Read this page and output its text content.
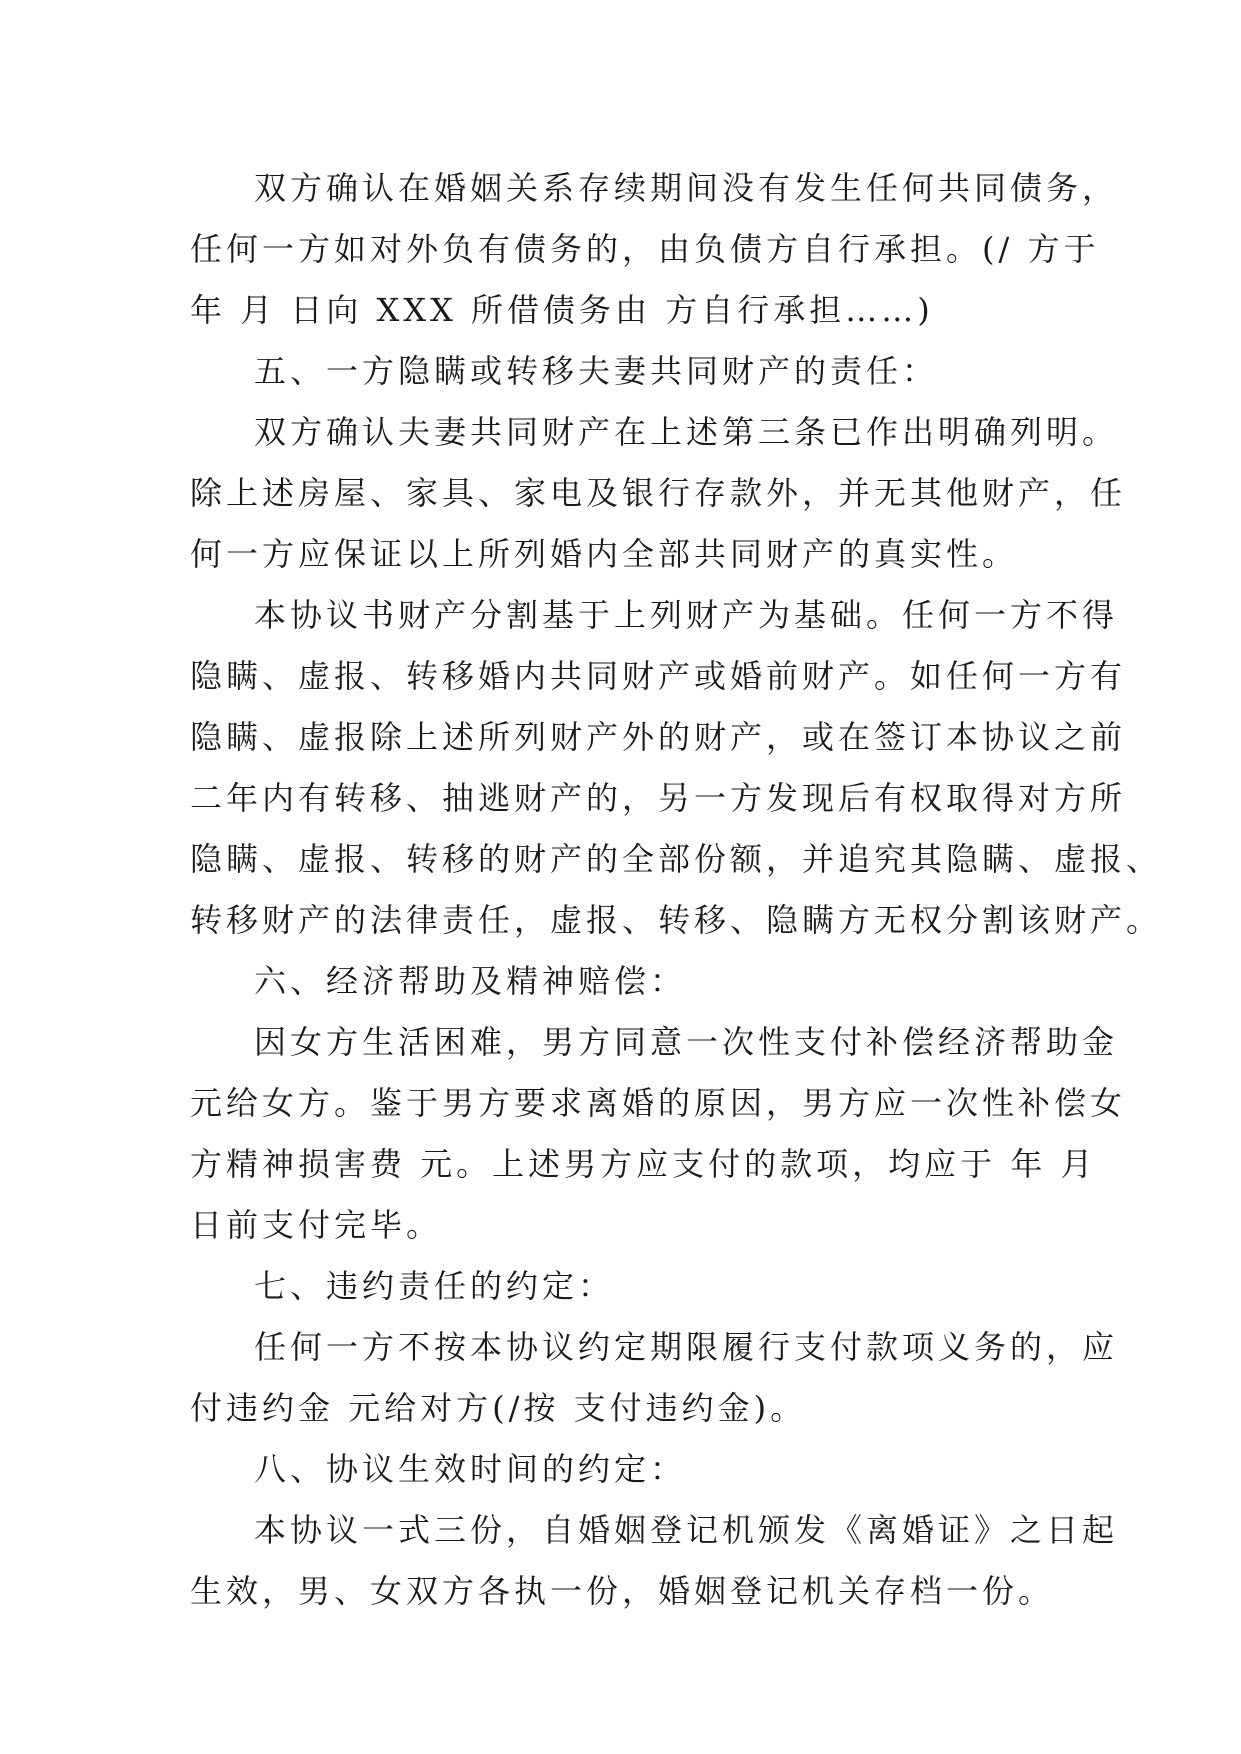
双方确认在婚姻关系存续期间没有发生任何共同债务，
任何一方如对外负有债务的，由负债方自行承担。(/ 方于
年 月 日向 XXX 所借债务由 方自行承担……)
五、一方隐瞒或转移夫妻共同财产的责任：
双方确认夫妻共同财产在上述第三条已作出明确列明。
除上述房屋、家具、家电及银行存款外，并无其他财产，任
何一方应保证以上所列婚内全部共同财产的真实性。
本协议书财产分割基于上列财产为基础。任何一方不得
隐瞒、虚报、转移婚内共同财产或婚前财产。如任何一方有
隐瞒、虚报除上述所列财产外的财产，或在签订本协议之前
二年内有转移、抽逃财产的，另一方发现后有权取得对方所
隐瞒、虚报、转移的财产的全部份额，并追究其隐瞒、虚报、
转移财产的法律责任，虚报、转移、隐瞒方无权分割该财产。
六、经济帮助及精神赔偿：
因女方生活困难，男方同意一次性支付补偿经济帮助金
元给女方。鉴于男方要求离婚的原因，男方应一次性补偿女
方精神损害费 元。上述男方应支付的款项，均应于 年 月
日前支付完毕。
七、违约责任的约定：
任何一方不按本协议约定期限履行支付款项义务的，应
付违约金 元给对方(/按 支付违约金)。
八、协议生效时间的约定：
本协议一式三份，自婚姻登记机颁发《离婚证》之日起
生效，男、女双方各执一份，婚姻登记机关存档一份。
